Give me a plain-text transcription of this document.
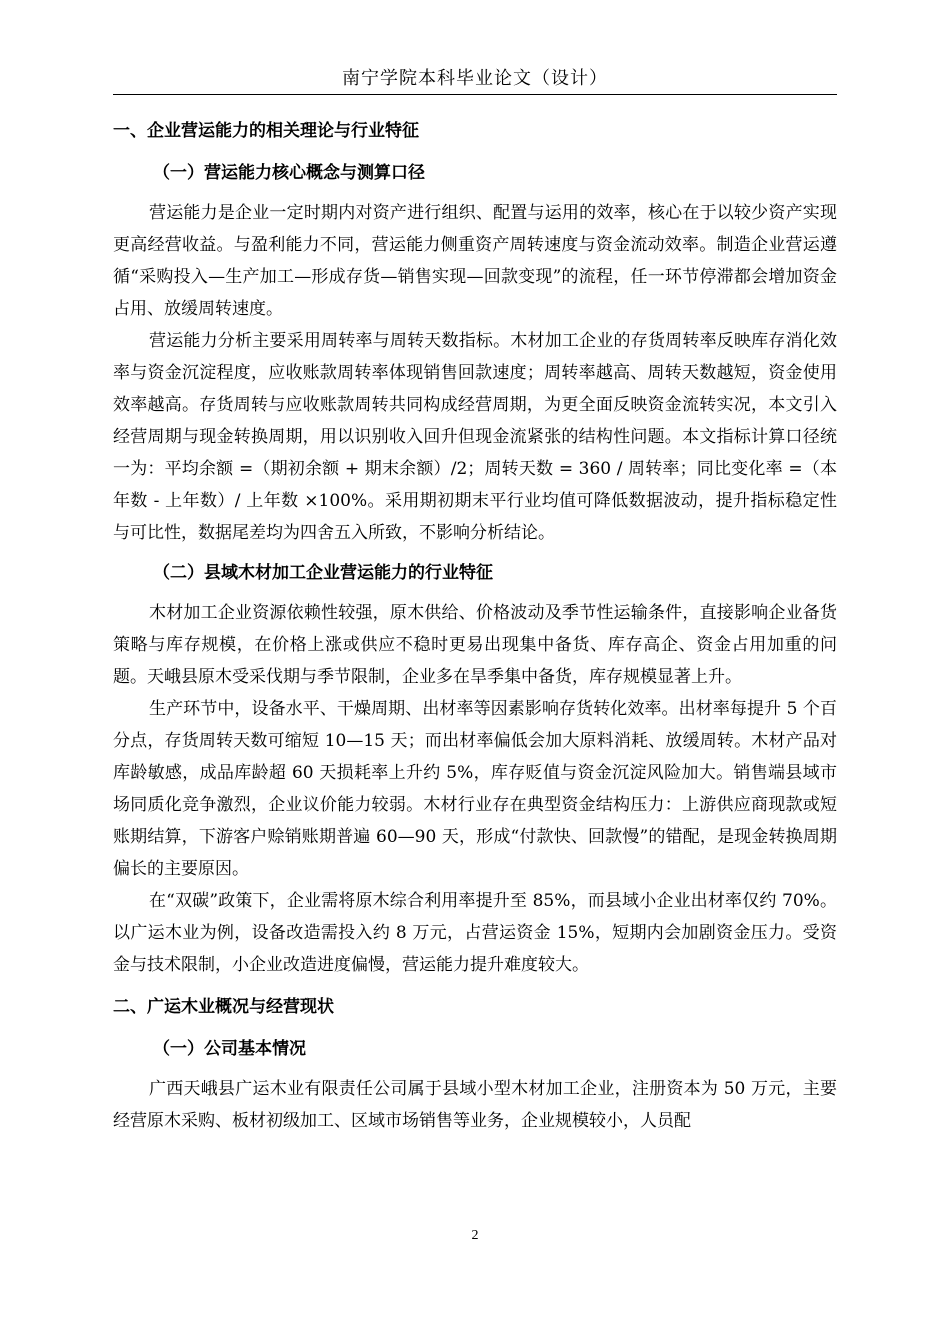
南宁学院本科毕业论文（设计）
一、企业营运能力的相关理论与行业特征
（一）营运能力核心概念与测算口径

营运能力是企业一定时期内对资产进行组织、配置与运用的效率，核心在于以较少资产实现更高经营收益。与盈利能力不同，营运能力侧重资产周转速度与资金流动效率。制造企业营运遵循“采购投入—生产加工—形成存货—销售实现—回款变现”的流程，任一环节停滞都会增加资金占用、放缓周转速度。

营运能力分析主要采用周转率与周转天数指标。木材加工企业的存货周转率反映库存消化效率与资金沉淀程度，应收账款周转率体现销售回款速度；周转率越高、周转天数越短，资金使用效率越高。存货周转与应收账款周转共同构成经营周期，为更全面反映资金流转实况，本文引入经营周期与现金转换周期，用以识别收入回升但现金流紧张的结构性问题。本文指标计算口径统一为：平均余额 =（期初余额 + 期末余额）/2；周转天数 = 360 / 周转率；同比变化率 =（本年数 - 上年数）/ 上年数 ×100%。采用期初期末平行业均值可降低数据波动，提升指标稳定性与可比性，数据尾差均为四舍五入所致，不影响分析结论。

（二）县域木材加工企业营运能力的行业特征

木材加工企业资源依赖性较强，原木供给、价格波动及季节性运输条件，直接影响企业备货策略与库存规模，在价格上涨或供应不稳时更易出现集中备货、库存高企、资金占用加重的问题。天峨县原木受采伐期与季节限制，企业多在旱季集中备货，库存规模显著上升。

生产环节中，设备水平、干燥周期、出材率等因素影响存货转化效率。出材率每提升 5 个百分点，存货周转天数可缩短 10—15 天；而出材率偏低会加大原料消耗、放缓周转。木材产品对库龄敏感，成品库龄超 60 天损耗率上升约 5%，库存贬值与资金沉淀风险加大。销售端县域市场同质化竞争激烈，企业议价能力较弱。木材行业存在典型资金结构压力：上游供应商现款或短账期结算，下游客户赊销账期普遍 60—90 天，形成“付款快、回款慢”的错配，是现金转换周期偏长的主要原因。

在“双碳”政策下，企业需将原木综合利用率提升至 85%，而县域小企业出材率仅约 70%。以广运木业为例，设备改造需投入约 8 万元，占营运资金 15%，短期内会加剧资金压力。受资金与技术限制，小企业改造进度偏慢，营运能力提升难度较大。

二、广运木业概况与经营现状
（一）公司基本情况

广西天峨县广运木业有限责任公司属于县域小型木材加工企业，注册资本为 50 万元，主要经营原木采购、板材初级加工、区域市场销售等业务，企业规模较小，人员配

2
